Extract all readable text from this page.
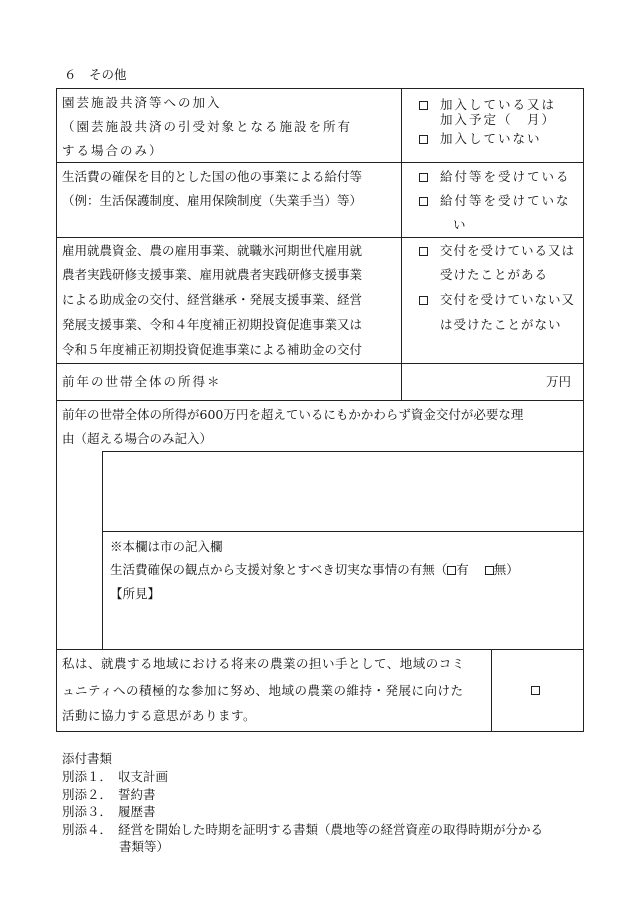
６　その他
園芸施設共済等への加入
（園芸施設共済の引受対象となる施設を所有
する場合のみ）
加入している又は
加入予定（　月）
加入していない
生活費の確保を目的とした国の他の事業による給付等
（例：生活保護制度、雇用保険制度（失業手当）等）
給付等を受けている
給付等を受けていな
い
雇用就農資金、農の雇用事業、就職氷河期世代雇用就
農者実践研修支援事業、雇用就農者実践研修支援事業
による助成金の交付、経営継承・発展支援事業、経営
発展支援事業、令和４年度補正初期投資促進事業又は
令和５年度補正初期投資促進事業による補助金の交付
交付を受けている又は
受けたことがある
交付を受けていない又
は受けたことがない
前年の世帯全体の所得＊	万円
前年の世帯全体の所得が600万円を超えているにもかかわらず資金交付が必要な理
由（超える場合のみ記入）
※本欄は市の記入欄
生活費確保の観点から支援対象とすべき切実な事情の有無（ 有 無）
【所見】
私は、就農する地域における将来の農業の担い手として、地域のコミ
ュニティへの積極的な参加に努め、地域の農業の維持・発展に向けた
活動に協力する意思があります。
添付書類
別添１． 収支計画
別添２． 誓約書
別添３． 履歴書
別添４． 経営を開始した時期を証明する書類（農地等の経営資産の取得時期が分かる
書類等）
